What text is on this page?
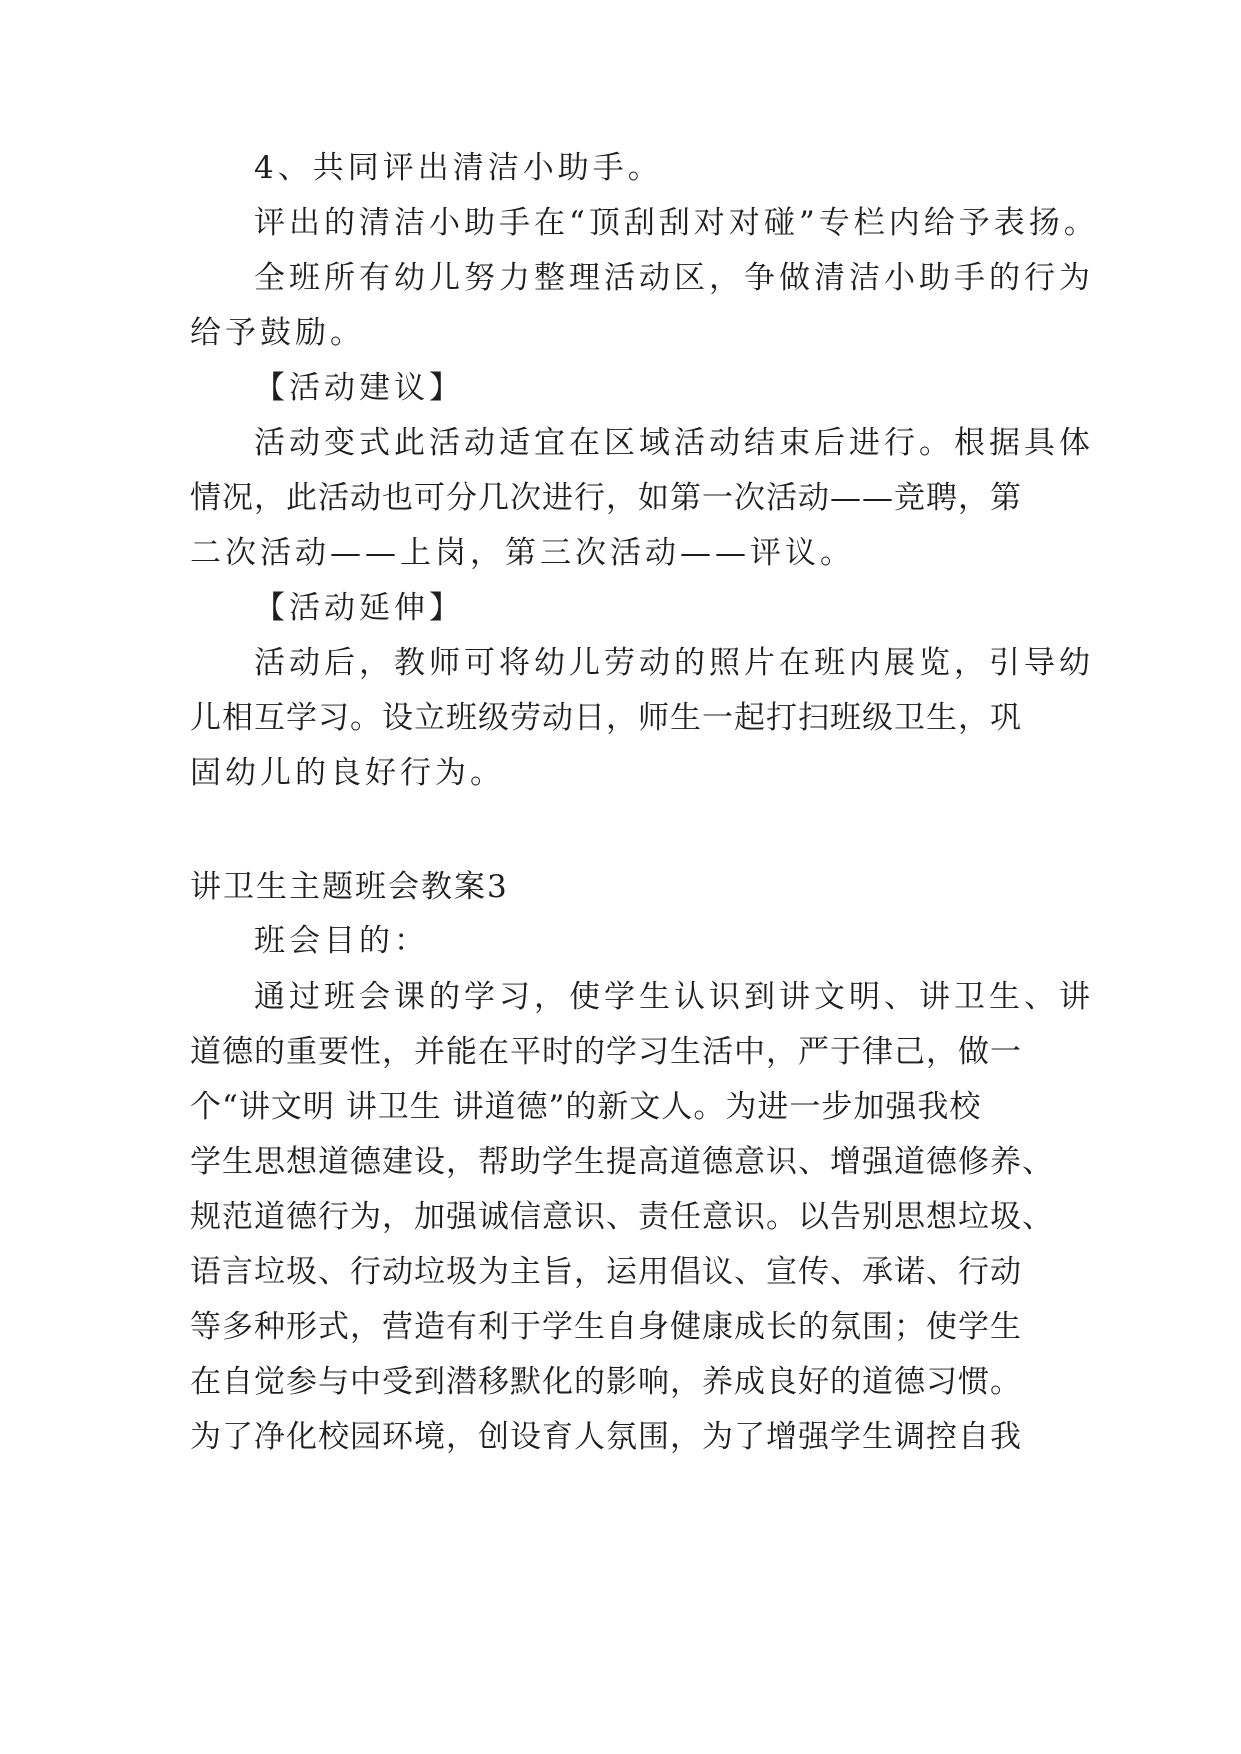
4、共同评出清洁小助手。

评出的清洁小助手在“顶刮刮对对碰”专栏内给予表扬。

全班所有幼儿努力整理活动区，争做清洁小助手的行为

给予鼓励。

【活动建议】

活动变式此活动适宜在区域活动结束后进行。根据具体

情况，此活动也可分几次进行，如第一次活动——竞聘，第

二次活动——上岗，第三次活动——评议。

【活动延伸】

活动后，教师可将幼儿劳动的照片在班内展览，引导幼

儿相互学习。设立班级劳动日，师生一起打扫班级卫生，巩

固幼儿的良好行为。

讲卫生主题班会教案3

班会目的：

通过班会课的学习，使学生认识到讲文明、讲卫生、讲

道德的重要性，并能在平时的学习生活中，严于律己，做一

个“讲文明 讲卫生 讲道德”的新文人。为进一步加强我校

学生思想道德建设，帮助学生提高道德意识、增强道德修养、

规范道德行为，加强诚信意识、责任意识。以告别思想垃圾、

语言垃圾、行动垃圾为主旨，运用倡议、宣传、承诺、行动

等多种形式，营造有利于学生自身健康成长的氛围；使学生

在自觉参与中受到潜移默化的影响，养成良好的道德习惯。

为了净化校园环境，创设育人氛围，为了增强学生调控自我
